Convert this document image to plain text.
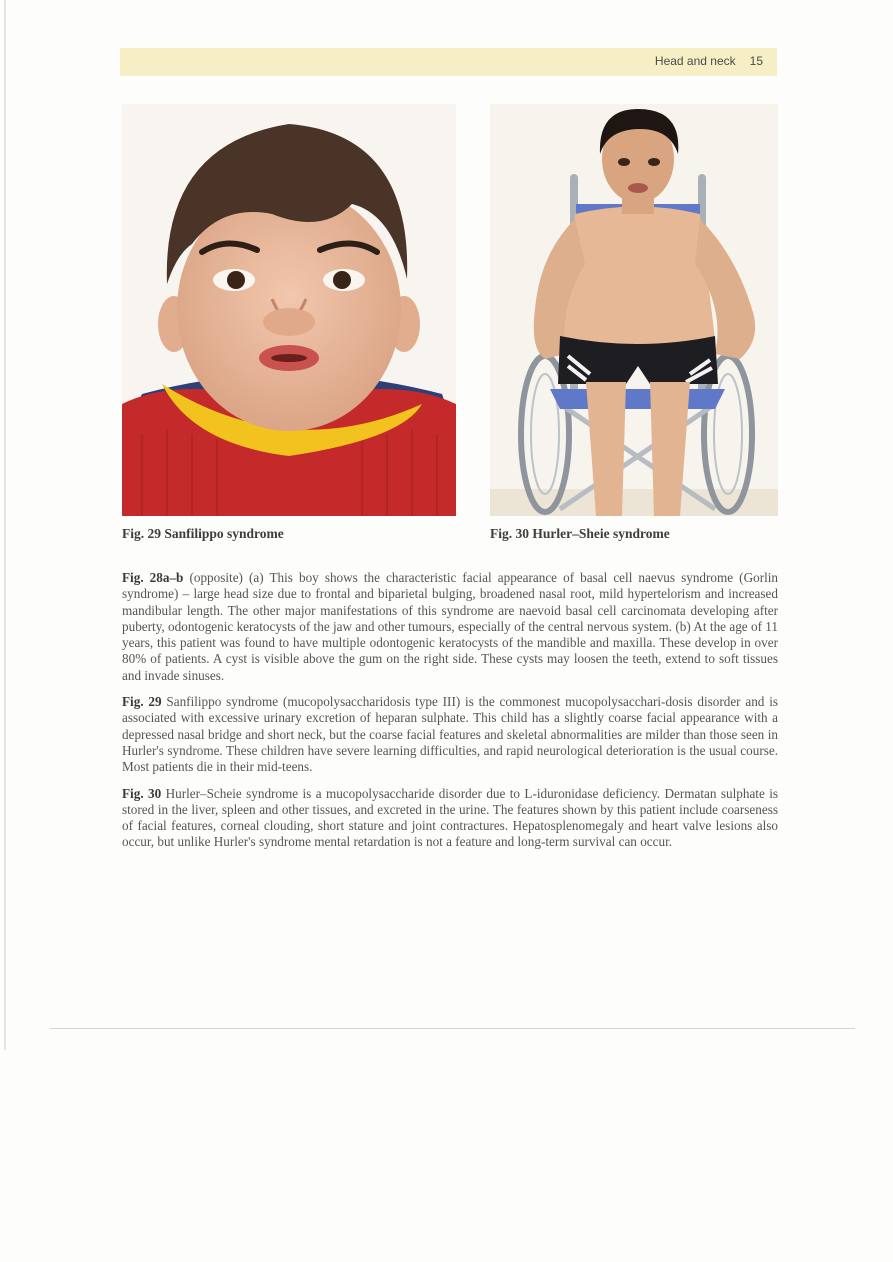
Head and neck 15
Fig. 29 Sanfilippo syndrome	Fig. 30 Hurler–Sheie syndrome

Fig. 28a–b (opposite) (a) This boy shows the characteristic facial appearance of basal cell naevus syndrome (Gorlin syndrome) – large head size due to frontal and biparietal bulging, broadened nasal root, mild hypertelorism and increased mandibular length. The other major manifestations of this syndrome are naevoid basal cell carcinomata developing after puberty, odontogenic keratocysts of the jaw and other tumours, especially of the central nervous system. (b) At the age of 11 years, this patient was found to have multiple odontogenic keratocysts of the mandible and maxilla. These develop in over 80% of patients. A cyst is visible above the gum on the right side. These cysts may loosen the teeth, extend to soft tissues and invade sinuses.

Fig. 29 Sanfilippo syndrome (mucopolysaccharidosis type III) is the commonest mucopolysacchari-dosis disorder and is associated with excessive urinary excretion of heparan sulphate. This child has a slightly coarse facial appearance with a depressed nasal bridge and short neck, but the coarse facial features and skeletal abnormalities are milder than those seen in Hurler's syndrome. These children have severe learning difficulties, and rapid neurological deterioration is the usual course. Most patients die in their mid-teens.

Fig. 30 Hurler–Scheie syndrome is a mucopolysaccharide disorder due to L-iduronidase deficiency. Dermatan sulphate is stored in the liver, spleen and other tissues, and excreted in the urine. The features shown by this patient include coarseness of facial features, corneal clouding, short stature and joint contractures. Hepatosplenomegaly and heart valve lesions also occur, but unlike Hurler's syndrome mental retardation is not a feature and long-term survival can occur.
